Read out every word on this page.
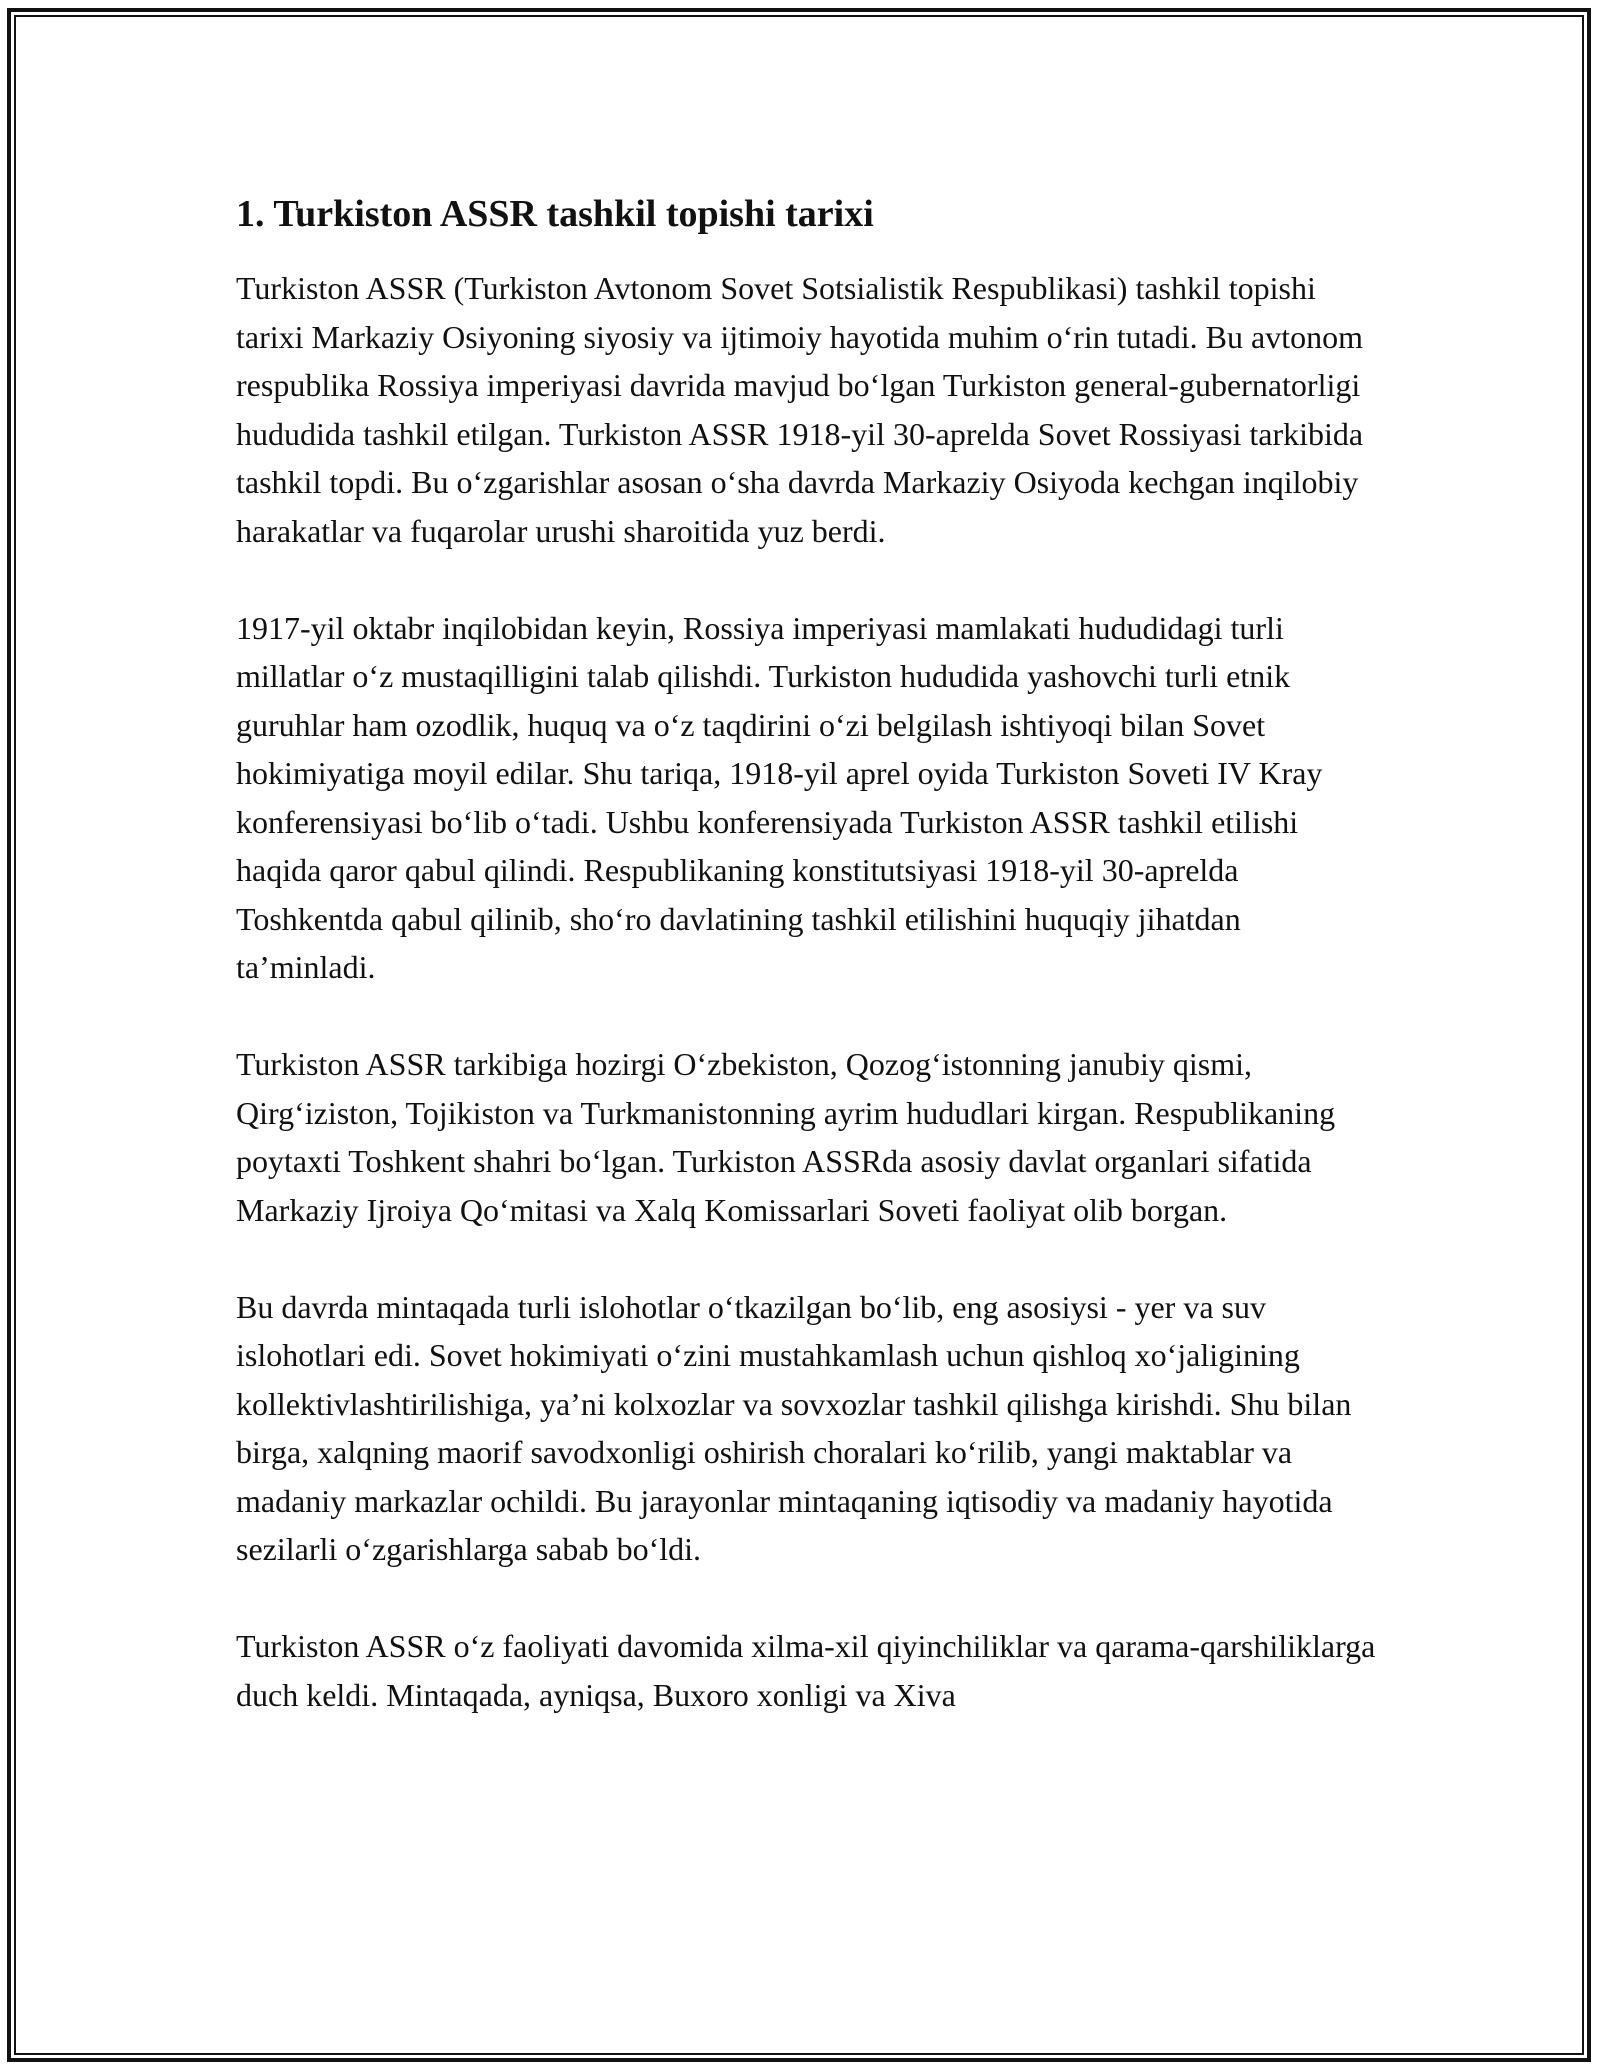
1. Turkiston ASSR tashkil topishi tarixi

Turkiston ASSR (Turkiston Avtonom Sovet Sotsialistik Respublikasi) tashkil topishi tarixi Markaziy Osiyoning siyosiy va ijtimoiy hayotida muhim oʻrin tutadi. Bu avtonom respublika Rossiya imperiyasi davrida mavjud boʻlgan Turkiston general-gubernatorligi hududida tashkil etilgan. Turkiston ASSR 1918-yil 30-aprelda Sovet Rossiyasi tarkibida tashkil topdi. Bu oʻzgarishlar asosan oʻsha davrda Markaziy Osiyoda kechgan inqilobiy harakatlar va fuqarolar urushi sharoitida yuz berdi.

1917-yil oktabr inqilobidan keyin, Rossiya imperiyasi mamlakati hududidagi turli millatlar oʻz mustaqilligini talab qilishdi. Turkiston hududida yashovchi turli etnik guruhlar ham ozodlik, huquq va oʻz taqdirini oʻzi belgilash ishtiyoqi bilan Sovet hokimiyatiga moyil edilar. Shu tariqa, 1918-yil aprel oyida Turkiston Soveti IV Kray konferensiyasi boʻlib oʻtadi. Ushbu konferensiyada Turkiston ASSR tashkil etilishi haqida qaror qabul qilindi. Respublikaning konstitutsiyasi 1918-yil 30-aprelda Toshkentda qabul qilinib, shoʻro davlatining tashkil etilishini huquqiy jihatdan taʼminladi.

Turkiston ASSR tarkibiga hozirgi Oʻzbekiston, Qozogʻistonning janubiy qismi, Qirgʻiziston, Tojikiston va Turkmanistonning ayrim hududlari kirgan. Respublikaning poytaxti Toshkent shahri boʻlgan. Turkiston ASSRda asosiy davlat organlari sifatida Markaziy Ijroiya Qoʻmitasi va Xalq Komissarlari Soveti faoliyat olib borgan.

Bu davrda mintaqada turli islohotlar oʻtkazilgan boʻlib, eng asosiysi - yer va suv islohotlari edi. Sovet hokimiyati oʻzini mustahkamlash uchun qishloq xoʻjaligining kollektivlashtirilishiga, yaʼni kolxozlar va sovxozlar tashkil qilishga kirishdi. Shu bilan birga, xalqning maorif savodxonligi oshirish choralari koʻrilib, yangi maktablar va madaniy markazlar ochildi. Bu jarayonlar mintaqaning iqtisodiy va madaniy hayotida sezilarli oʻzgarishlarga sabab boʻldi.

Turkiston ASSR oʻz faoliyati davomida xilma-xil qiyinchiliklar va qarama-qarshiliklarga duch keldi. Mintaqada, ayniqsa, Buxoro xonligi va Xiva
